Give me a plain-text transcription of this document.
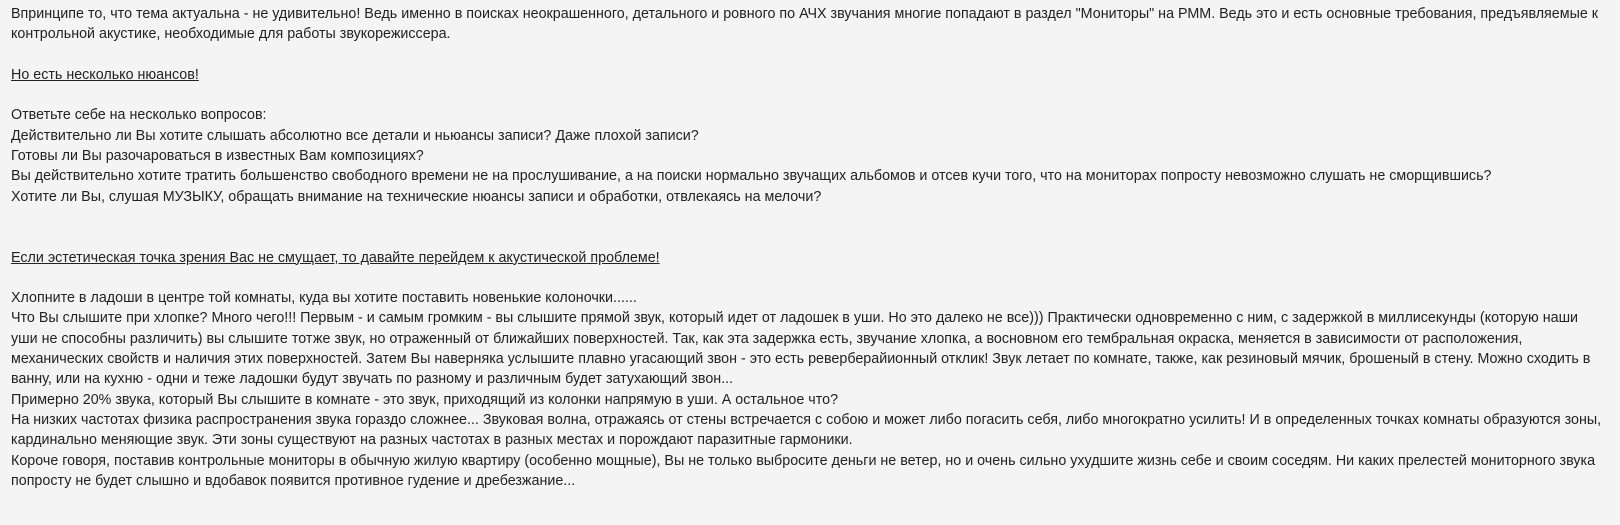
Впринципе то, что тема актуальна - не удивительно! Ведь именно в поисках неокрашенного, детального и ровного по АЧХ звучания многие попадают в раздел "Мониторы" на РММ. Ведь это и есть основные требования, предъявляемые к контрольной акустике, необходимые для работы звукорежиссера.

Но есть несколько нюансов!

Ответьте себе на несколько вопросов:

Действительно ли Вы хотите слышать абсолютно все детали и ньюансы записи? Даже плохой записи?

Готовы ли Вы разочароваться в известных Вам композициях?

Вы действительно хотите тратить большенство свободного времени не на прослушивание, а на поиски нормально звучащих альбомов и отсев кучи того, что на мониторах попросту невозможно слушать не сморщившись?

Хотите ли Вы, слушая МУЗЫКУ, обращать внимание на технические нюансы записи и обработки, отвлекаясь на мелочи?

Если эстетическая точка зрения Вас не смущает, то давайте перейдем к акустической проблеме!

Хлопните в ладоши в центре той комнаты, куда вы хотите поставить новенькие колоночки......

Что Вы слышите при хлопке? Много чего!!! Первым - и самым громким - вы слышите прямой звук, который идет от ладошек в уши. Но это далеко не все))) Практически одновременно с ним, с задержкой в миллисекунды (которую наши уши не способны различить) вы слышите тотже звук, но отраженный от ближайших поверхностей. Так, как эта задержка есть, звучание хлопка, а восновном его тембральная окраска, меняется в зависимости от расположения, механических свойств и наличия этих поверхностей. Затем Вы наверняка услышите плавно угасающий звон - это есть реверберайионный отклик! Звук летает по комнате, также, как резиновый мячик, брошеный в стену. Можно сходить в ванну, или на кухню - одни и теже ладошки будут звучать по разному и различным будет затухающий звон...

Примерно 20% звука, который Вы слышите в комнате - это звук, приходящий из колонки напрямую в уши. А остальное что?

На низких частотах физика распространения звука гораздо сложнее... Звуковая волна, отражаясь от стены встречается с собою и может либо погасить себя, либо многократно усилить! И в определенных точках комнаты образуются зоны, кардинально меняющие звук. Эти зоны существуют на разных частотах в разных местах и порождают паразитные гармоники.

Короче говоря, поставив контрольные мониторы в обычную жилую квартиру (особенно мощные), Вы не только выбросите деньги не ветер, но и очень сильно ухудшите жизнь себе и своим соседям. Ни каких прелестей мониторного звука попросту не будет слышно и вдобавок появится противное гудение и дребезжание...
